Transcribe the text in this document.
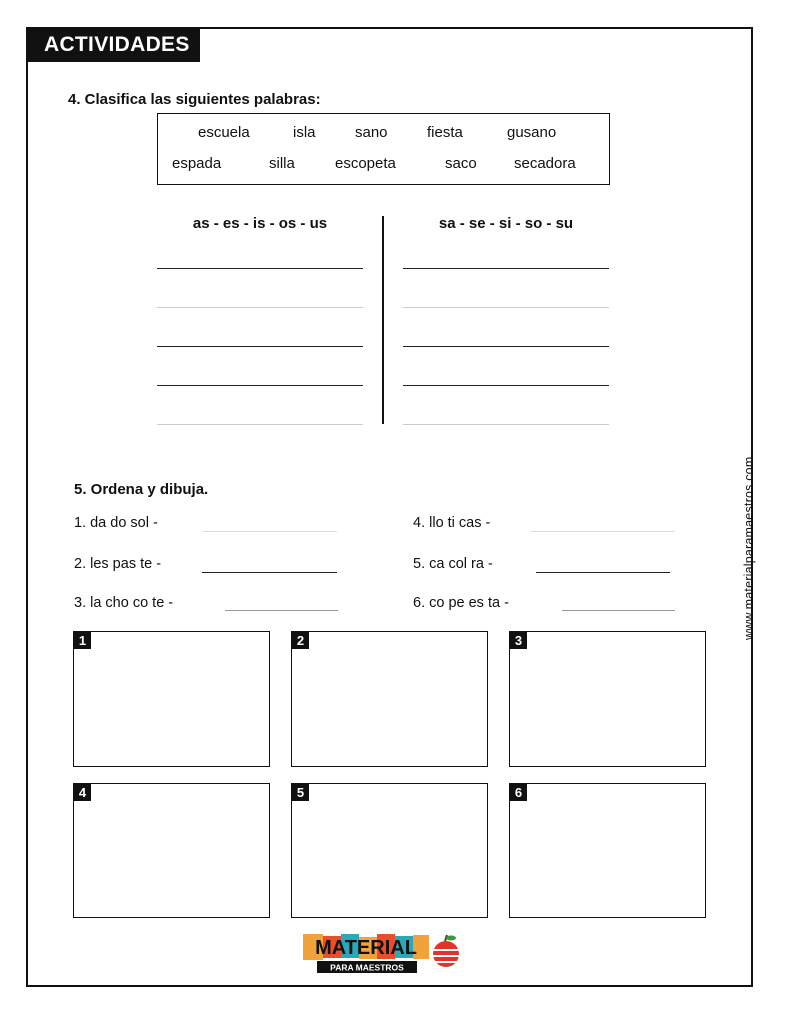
ACTIVIDADES
4. Clasifica las siguientes palabras:
escuela	isla	sano	fiesta	gusano
espada	silla	escopeta	saco secadora
as - es - is - os - us	sa - se - si - so - su
5. Ordena y dibuja.
1. da do sol -	4. llo ti cas -
2. les pas te -	5. ca col ra -
3. la cho co te -	6. co pe es ta -
1	2	3
4	5	6
www.materialparamaestros.com
MATERIAL
PARA MAESTROS
